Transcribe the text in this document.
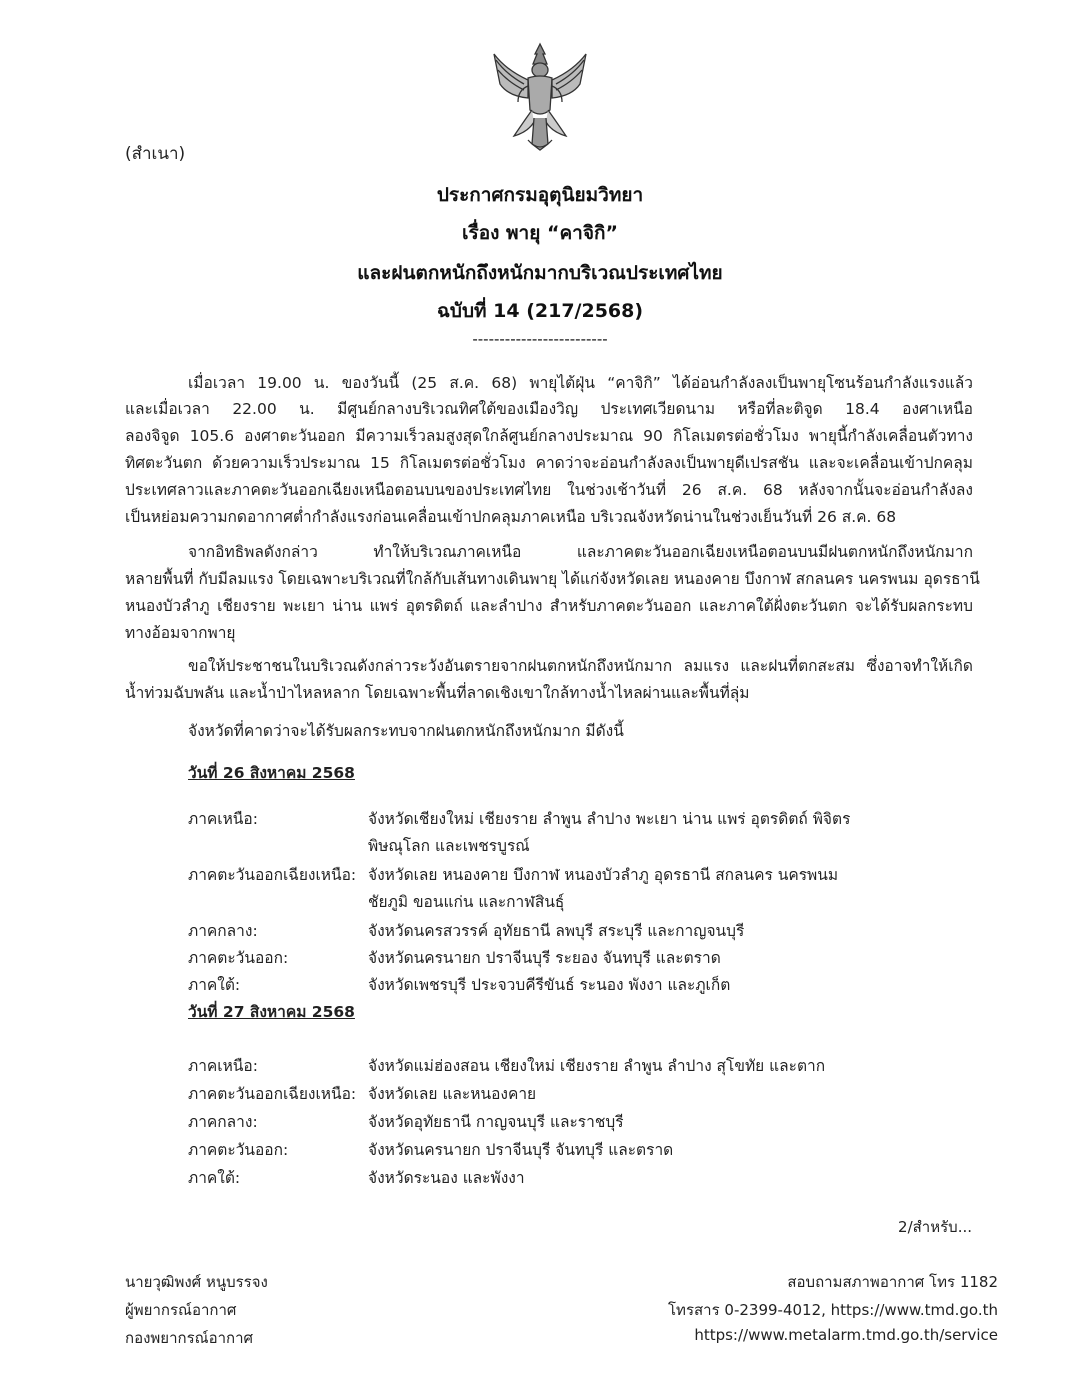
(สำเนา)
ประกาศกรมอุตุนิยมวิทยา
เรื่อง พายุ “คาจิกิ”
และฝนตกหนักถึงหนักมากบริเวณประเทศไทย
ฉบับที่ 14 (217/2568)
-------------------------
เมื่อเวลา 19.00 น. ของวันนี้ (25 ส.ค. 68) พายุไต้ฝุ่น “คาจิกิ” ได้อ่อนกำลังลงเป็นพายุโซนร้อนกำลังแรงแล้ว
และเมื่อเวลา 22.00 น. มีศูนย์กลางบริเวณทิศใต้ของเมืองวิญ ประเทศเวียดนาม หรือที่ละติจูด 18.4 องศาเหนือ
ลองจิจูด 105.6 องศาตะวันออก มีความเร็วลมสูงสุดใกล้ศูนย์กลางประมาณ 90 กิโลเมตรต่อชั่วโมง พายุนี้กำลังเคลื่อนตัวทาง
ทิศตะวันตก ด้วยความเร็วประมาณ 15 กิโลเมตรต่อชั่วโมง คาดว่าจะอ่อนกำลังลงเป็นพายุดีเปรสชัน และจะเคลื่อนเข้าปกคลุม
ประเทศลาวและภาคตะวันออกเฉียงเหนือตอนบนของประเทศไทย ในช่วงเช้าวันที่ 26 ส.ค. 68 หลังจากนั้นจะอ่อนกำลังลง
เป็นหย่อมความกดอากาศต่ำกำลังแรงก่อนเคลื่อนเข้าปกคลุมภาคเหนือ บริเวณจังหวัดน่านในช่วงเย็นวันที่ 26 ส.ค. 68
จากอิทธิพลดังกล่าว ทำให้บริเวณภาคเหนือ และภาคตะวันออกเฉียงเหนือตอนบนมีฝนตกหนักถึงหนักมาก
หลายพื้นที่ กับมีลมแรง โดยเฉพาะบริเวณที่ใกล้กับเส้นทางเดินพายุ ได้แก่จังหวัดเลย หนองคาย บึงกาฬ สกลนคร นครพนม อุดรธานี
หนองบัวลำภู เชียงราย พะเยา น่าน แพร่ อุตรดิตถ์ และลำปาง สำหรับภาคตะวันออก และภาคใต้ฝั่งตะวันตก จะได้รับผลกระทบ
ทางอ้อมจากพายุ
ขอให้ประชาชนในบริเวณดังกล่าวระวังอันตรายจากฝนตกหนักถึงหนักมาก ลมแรง และฝนที่ตกสะสม ซึ่งอาจทำให้เกิด
น้ำท่วมฉับพลัน และน้ำป่าไหลหลาก โดยเฉพาะพื้นที่ลาดเชิงเขาใกล้ทางน้ำไหลผ่านและพื้นที่ลุ่ม
จังหวัดที่คาดว่าจะได้รับผลกระทบจากฝนตกหนักถึงหนักมาก มีดังนี้
วันที่ 26 สิงหาคม 2568
ภาคเหนือ:	จังหวัดเชียงใหม่ เชียงราย ลำพูน ลำปาง พะเยา น่าน แพร่ อุตรดิตถ์ พิจิตร
พิษณุโลก และเพชรบูรณ์
ภาคตะวันออกเฉียงเหนือ: จังหวัดเลย หนองคาย บึงกาฬ หนองบัวลำภู อุดรธานี สกลนคร นครพนม
ชัยภูมิ ขอนแก่น และกาฬสินธุ์
ภาคกลาง:	จังหวัดนครสวรรค์ อุทัยธานี ลพบุรี สระบุรี และกาญจนบุรี
ภาคตะวันออก:	จังหวัดนครนายก ปราจีนบุรี ระยอง จันทบุรี และตราด
ภาคใต้:	จังหวัดเพชรบุรี ประจวบคีรีขันธ์ ระนอง พังงา และภูเก็ต
วันที่ 27 สิงหาคม 2568
ภาคเหนือ:	จังหวัดแม่ฮ่องสอน เชียงใหม่ เชียงราย ลำพูน ลำปาง สุโขทัย และตาก
ภาคตะวันออกเฉียงเหนือ: จังหวัดเลย และหนองคาย
ภาคกลาง:	จังหวัดอุทัยธานี กาญจนบุรี และราชบุรี
ภาคตะวันออก:	จังหวัดนครนายก ปราจีนบุรี จันทบุรี และตราด
ภาคใต้:	จังหวัดระนอง และพังงา
2/สำหรับ...
นายวุฒิพงศ์ หนูบรรจง
ผู้พยากรณ์อากาศ
กองพยากรณ์อากาศ
สอบถามสภาพอากาศ โทร 1182
โทรสาร 0-2399-4012, https://www.tmd.go.th
https://www.metalarm.tmd.go.th/service
